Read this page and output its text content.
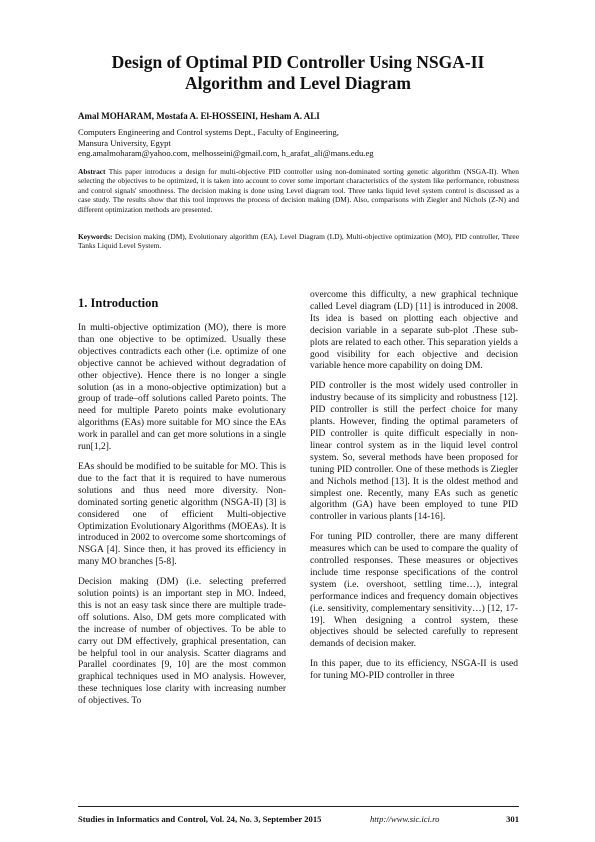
Design of Optimal PID Controller Using NSGA-II Algorithm and Level Diagram
Amal MOHARAM, Mostafa A. El-HOSSEINI, Hesham A. ALI
Computers Engineering and Control systems Dept., Faculty of Engineering,
Mansura University, Egypt
eng.amalmoharam@yahoo.com, melhosseini@gmail.com, h_arafat_ali@mans.edu.eg
Abstract This paper introduces a design for multi-objective PID controller using non-dominated sorting genetic algorithm (NSGA-II). When selecting the objectives to be optimized, it is taken into account to cover some important characteristics of the system like performance, robustness and control signals' smoothness. The decision making is done using Level diagram tool. Three tanks liquid level system control is discussed as a case study. The results show that this tool improves the process of decision making (DM). Also, comparisons with Ziegler and Nichols (Z-N) and different optimization methods are presented.
Keywords: Decision making (DM), Evolutionary algorithm (EA), Level Diagram (LD), Multi-objective optimization (MO), PID controller, Three Tanks Liquid Level System.
1. Introduction

In multi-objective optimization (MO), there is more than one objective to be optimized. Usually these objectives contradicts each other (i.e. optimize of one objective cannot be achieved without degradation of other objective). Hence there is no longer a single solution (as in a mono-objective optimization) but a group of trade–off solutions called Pareto points. The need for multiple Pareto points make evolutionary algorithms (EAs) more suitable for MO since the EAs work in parallel and can get more solutions in a single run[1,2].

EAs should be modified to be suitable for MO. This is due to the fact that it is required to have numerous solutions and thus need more diversity. Non-dominated sorting genetic algorithm (NSGA-II) [3] is considered one of efficient Multi-objective Optimization Evolutionary Algorithms (MOEAs). It is introduced in 2002 to overcome some shortcomings of NSGA [4]. Since then, it has proved its efficiency in many MO branches [5-8].

Decision making (DM) (i.e. selecting preferred solution points) is an important step in MO. Indeed, this is not an easy task since there are multiple trade-off solutions. Also, DM gets more complicated with the increase of number of objectives. To be able to carry out DM effectively, graphical presentation, can be helpful tool in our analysis. Scatter diagrams and Parallel coordinates [9, 10] are the most common graphical techniques used in MO analysis. However, these techniques lose clarity with increasing number of objectives. To

overcome this difficulty, a new graphical technique called Level diagram (LD) [11] is introduced in 2008. Its idea is based on plotting each objective and decision variable in a separate sub-plot .These sub-plots are related to each other. This separation yields a good visibility for each objective and decision variable hence more capability on doing DM.

PID controller is the most widely used controller in industry because of its simplicity and robustness [12]. PID controller is still the perfect choice for many plants. However, finding the optimal parameters of PID controller is quite difficult especially in non-linear control system as in the liquid level control system. So, several methods have been proposed for tuning PID controller. One of these methods is Ziegler and Nichols method [13]. It is the oldest method and simplest one. Recently, many EAs such as genetic algorithm (GA) have been employed to tune PID controller in various plants [14-16].

For tuning PID controller, there are many different measures which can be used to compare the quality of controlled responses. These measures or objectives include time response specifications of the control system (i.e. overshoot, settling time…), integral performance indices and frequency domain objectives (i.e. sensitivity, complementary sensitivity…) [12, 17-19]. When designing a control system, these objectives should be selected carefully to represent demands of decision maker.

In this paper, due to its efficiency, NSGA-II is used for tuning MO-PID controller in three

Studies in Informatics and Control, Vol. 24, No. 3, September 2015	http://www.sic.ici.ro	301
